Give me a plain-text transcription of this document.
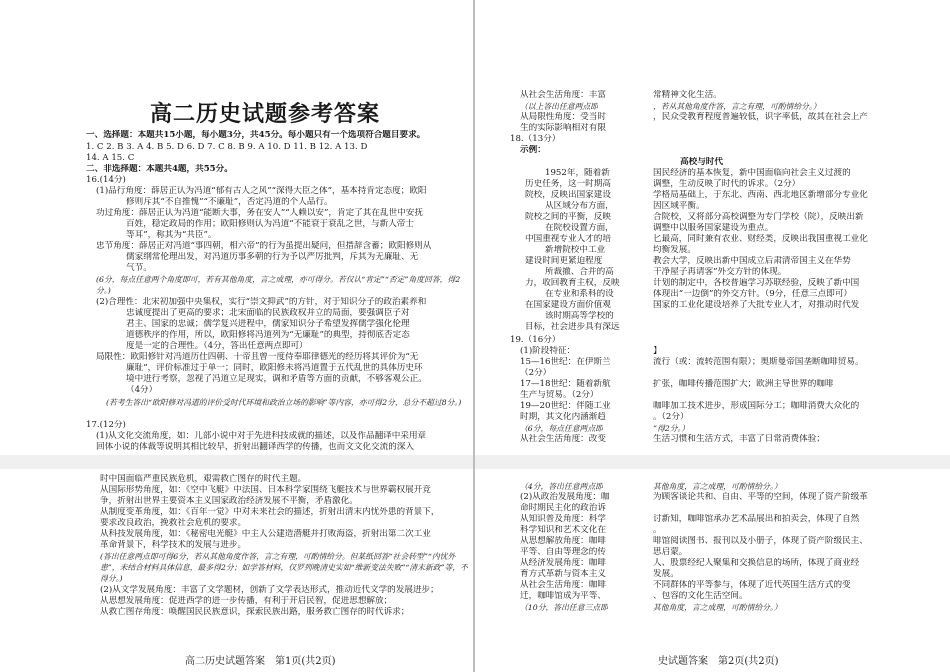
高二历史试题参考答案
一、选择题：本题共15小题，每小题3分，共45分。每小题只有一个选项符合题目要求。
1. C 2. B 3. A 4. B 5. D 6. D 7. C 8. B 9. A 10. D 11. B 12. A 13. D
14. A 15. C
二、非选择题：本题共4题，共55分。
16.(14分)
(1)品行角度：薛居正认为冯道“郁有古人之风”“深得大臣之体”，基本持肯定态度；欧阳
修则斥其“不自推愧”“不廉耻”，否定冯道的个人品行。
功过角度：薛居正认为冯道“能断大事，务在安人”“人赖以安”，肯定了其在乱世中安抚
百姓，稳定政局的作用；欧阳修则认为冯道“不能衰于衰乱之世，与新人帝士
等耳”，称其为“共臣”。
忠节角度：薛居正对冯道“事四朝，相六帝”的行为虽提出疑问，但措辞含蓄；欧阳修则从
儒家纲常伦理出发，对冯道历事多朝的行为予以严厉批判，斥其为无廉耻、无
气节。
(6分，每点任意两个角度即可，若有其他角度，言之成理，亦可得分。若仅认“肯定”“否定”角度回答，得2分。)
(2)合理性：北宋初加强中央集权，实行“崇文抑武”的方针，对于知识分子的政治素养和
忠诚度提出了更高的要求；北宋面临的民族政权并立的局面，要强调臣子对
君主、国家的忠诚；儒学复兴进程中，儒家知识分子希望发挥儒学强化伦理
道德秩序的作用，所以，欧阳修将冯道列为“无廉耻”的典型，持彻底否定态
度是一定的合理性。（4分，答出任意两点即可）
局限性：欧阳修针对冯道历仕四朝、十帝且曾一度侍奉耶律德光的经历将其评价为“无
廉耻”，评价标准过于单一；同时，欧阳修未将冯道置于五代乱世的具体历史环
境中进行考察，忽视了冯道立足现实，调和矛盾等方面的贡献，不够客观公正。
（4分）
(若考生答出“欧阳修对冯道的评价受时代环境和政治立场的影响”等内容，亦可得2分，总分不超过8分。)
17.(12分)
(1)从文化交流角度，如：儿部小说中对于先进科技成就的描述，以及作品翻译中采用章
回体小说的体裁等说明其相比较早，折射出翻译西学的传播，也而文文化交流的深入
时中国面临严重民族危机，艰需救亡图存的时代主题。
从国际形势角度，如：《空中飞艇》中法国、日本科学家围绕飞艇技术与世界霸权展开竞
争，折射出世界主要资本主义国家政治经济发展不平衡，矛盾激化。
从制度变革角度，如：《百年一觉》中对未来社会的描述，折射出清末内忧外患的背景下，
要求改良政治，挽救社会危机的要求。
从科技发展角度，如：《秘密电光艇》中主人公建造潜艇并打败海盗，折射出第二次工业
革命背景下，科学技术的发展与进步。
(答出任意两点即可得6分，若从其他角度作答，言之有理，可酌情给分。但某纸回答“社会转型”“内忧外患”，未结合材料具体信息，最多得2分；如学答材料，仅罗列晚清史实如“维新变法失败”“清末新政”等，不得分。)
(2)从文学发展角度：丰富了文学题材，创新了文学表达形式，推动近代文学的发展进步；
从思想发展角度：促进西学的进一步传播，有利于开启民智，促进思想解放；
从救亡图存角度：唤醒国民民族意识，探索民族出路，服务救亡图存的时代诉求；
高二历史试题答案　第1页(共2页)
从社会生活角度：丰富
（以上答出任意两点即
从局限性角度：受当时
生的实际影响相对有限
18.（13分）
示例：
1952年，随着新
历史任务，这一时期高
院校，反映出国家建设
从区域分布方面，
院校之间的平衡，反映
在院校设置方面，
中国重视专业人才的培
新增院校中工业
建设时间更紧迫程度
所裁撤、合并的高
力，收回教育主权，反映
在专业和系科的设
在国家建设方面价值观
该时期高等学校的
目标，社会进步具有深远
19.（16分）
(1)阶段特征：
15—16世纪：在伊斯兰
（2分）
17—18世纪：随着新航
生产与贸易。（2分）
19—20世纪：伴随工业
时期，其文化内涵渐趋
（6分，每点任意两点即
从社会生活角度：改变
（4分，答出任意两点即
(2)从政治发展角度：咖
命时期民主化的政治诉
从知识普及角度：科学
科学知识和艺术文化在
从思想解放角度：咖啡
平等、自由等理念的传
从经济发展角度：咖啡
育方式革新与资本主义
从社会生活角度：咖啡
迁，咖啡馆成为平等、
（10分，答出任意三点即
常精神文化生活。
，若从其他角度作答，言之有理，可酌情给分。）
，民众受教育程度普遍较低，识字率低，故其在社会上产
高校与时代
国民经济的基本恢复，新中国面临向社会主义过渡的
调整，生动反映了时代的诉求。（2分）
学格局基础上，于东北、西南、西北地区新增部分专业化
因区域平衡。
合院校，又将部分高校调整为专门学校（院），反映出新
调整中以服务国家建设为重点。
匕最高，同时兼有农业、财经类，反映出我国重视工业化
均衡发展。
教会大学，反映出新中国成立后肃清帝国主义在华势
干净屋子再请客”外交方针的体现。
计划的制定中，各校普遍学习苏联经验，反映了新中国
体现出“一边倒”的外交方针。（9分，任意三点即可）
国家的工业化建设培养了大批专业人才，对推动时代发
】
流行（或：流转范围有限）；奥斯曼帝国垄断咖啡贸易。
扩张，咖啡传播范围扩大；欧洲主导世界的咖啡
咖啡加工技术进步，形成国际分工；咖啡消费大众化的
。（2分）
”得2分。）
生活习惯和生活方式，丰富了日常消费体验；
其他角度，言之成理，可酌情给分。）
为顾客谈论共和、自由、平等的空间，体现了资产阶级革
讨新知，咖啡馆承办艺术品展出和拍卖会，体现了自然
。
啡馆阅读图书、报刊以及小册子，体现了资产阶级民主、
思启蒙。
人、股票经纪人聚集和交换信息的场所，体现了商业经
发展。
不同群体的平等参与，体现了近代英国生活方式的变
、包容的文化生活空间。
其他角度，言之成理，可酌情给分。）
史试题答案　第2页(共2页)
